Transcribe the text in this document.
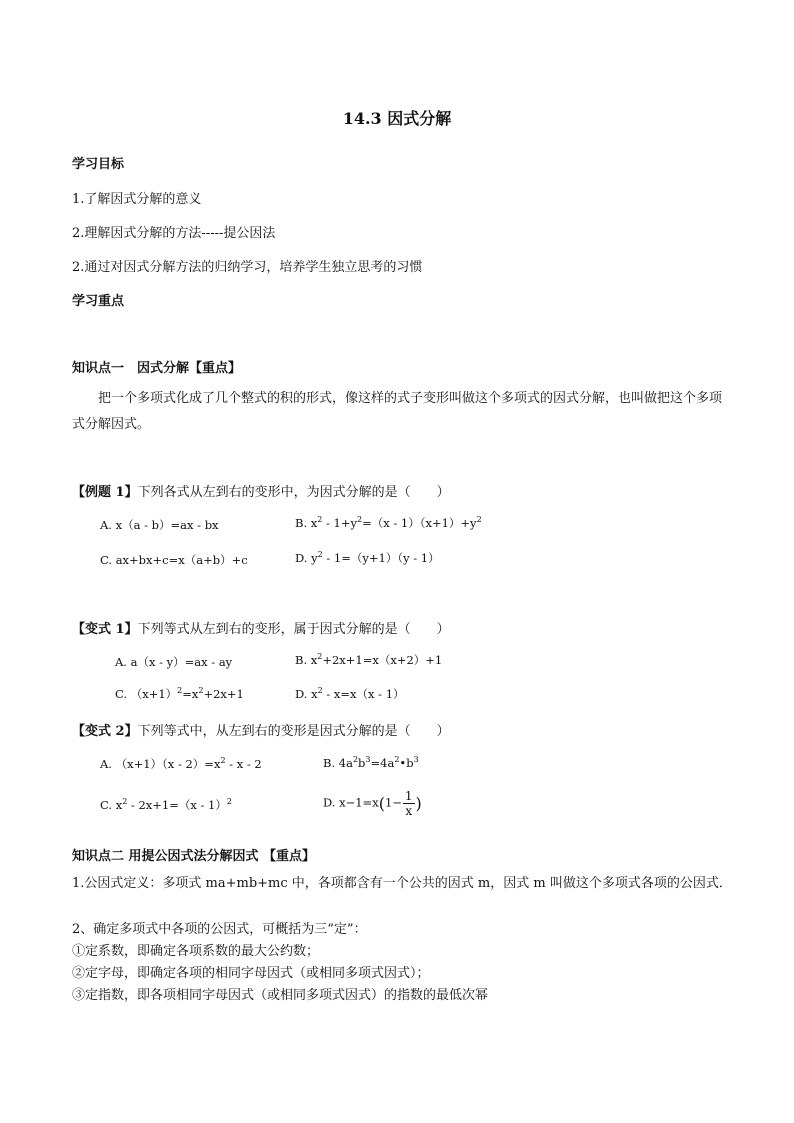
14.3 因式分解
学习目标
1.了解因式分解的意义
2.理解因式分解的方法-----提公因法
2.通过对因式分解方法的归纳学习，培养学生独立思考的习惯
学习重点
知识点一　因式分解【重点】
把一个多项式化成了几个整式的积的形式，像这样的式子变形叫做这个多项式的因式分解，也叫做把这个多项式分解因式。
【例题 1】下列各式从左到右的变形中，为因式分解的是（　　）
A. x（a - b）=ax - bx	B. $x^2 - 1+y^2=(x - 1)(x+1)+y^2$
C. ax+bx+c=x（a+b）+c	D. $y^2 - 1=(y+1)(y - 1)$
【变式 1】下列等式从左到右的变形，属于因式分解的是（　　）
A. a（x - y）=ax - ay	B. $x^2+2x+1=x(x+2)+1$
C. $(x+1)^2=x^2+2x+1$	D. $x^2 - x=x(x - 1)$
【变式 2】下列等式中，从左到右的变形是因式分解的是（　　）
A. $(x+1)(x - 2)=x^2 - x - 2$	B. $4a^2b^3=4a^2•b^3$
C. $x^2 - 2x+1=(x - 1)^2$	D. $x-1=x(1- \frac{1}{x}$ )
知识点二 用提公因式法分解因式 【重点】
1.公因式定义：多项式 ma+mb+mc 中，各项都含有一个公共的因式 m，因式 m 叫做这个多项式各项的公因式．
2、确定多项式中各项的公因式，可概括为三“定”：
①定系数，即确定各项系数的最大公约数；
②定字母，即确定各项的相同字母因式（或相同多项式因式）；
③定指数，即各项相同字母因式（或相同多项式因式）的指数的最低次幂
